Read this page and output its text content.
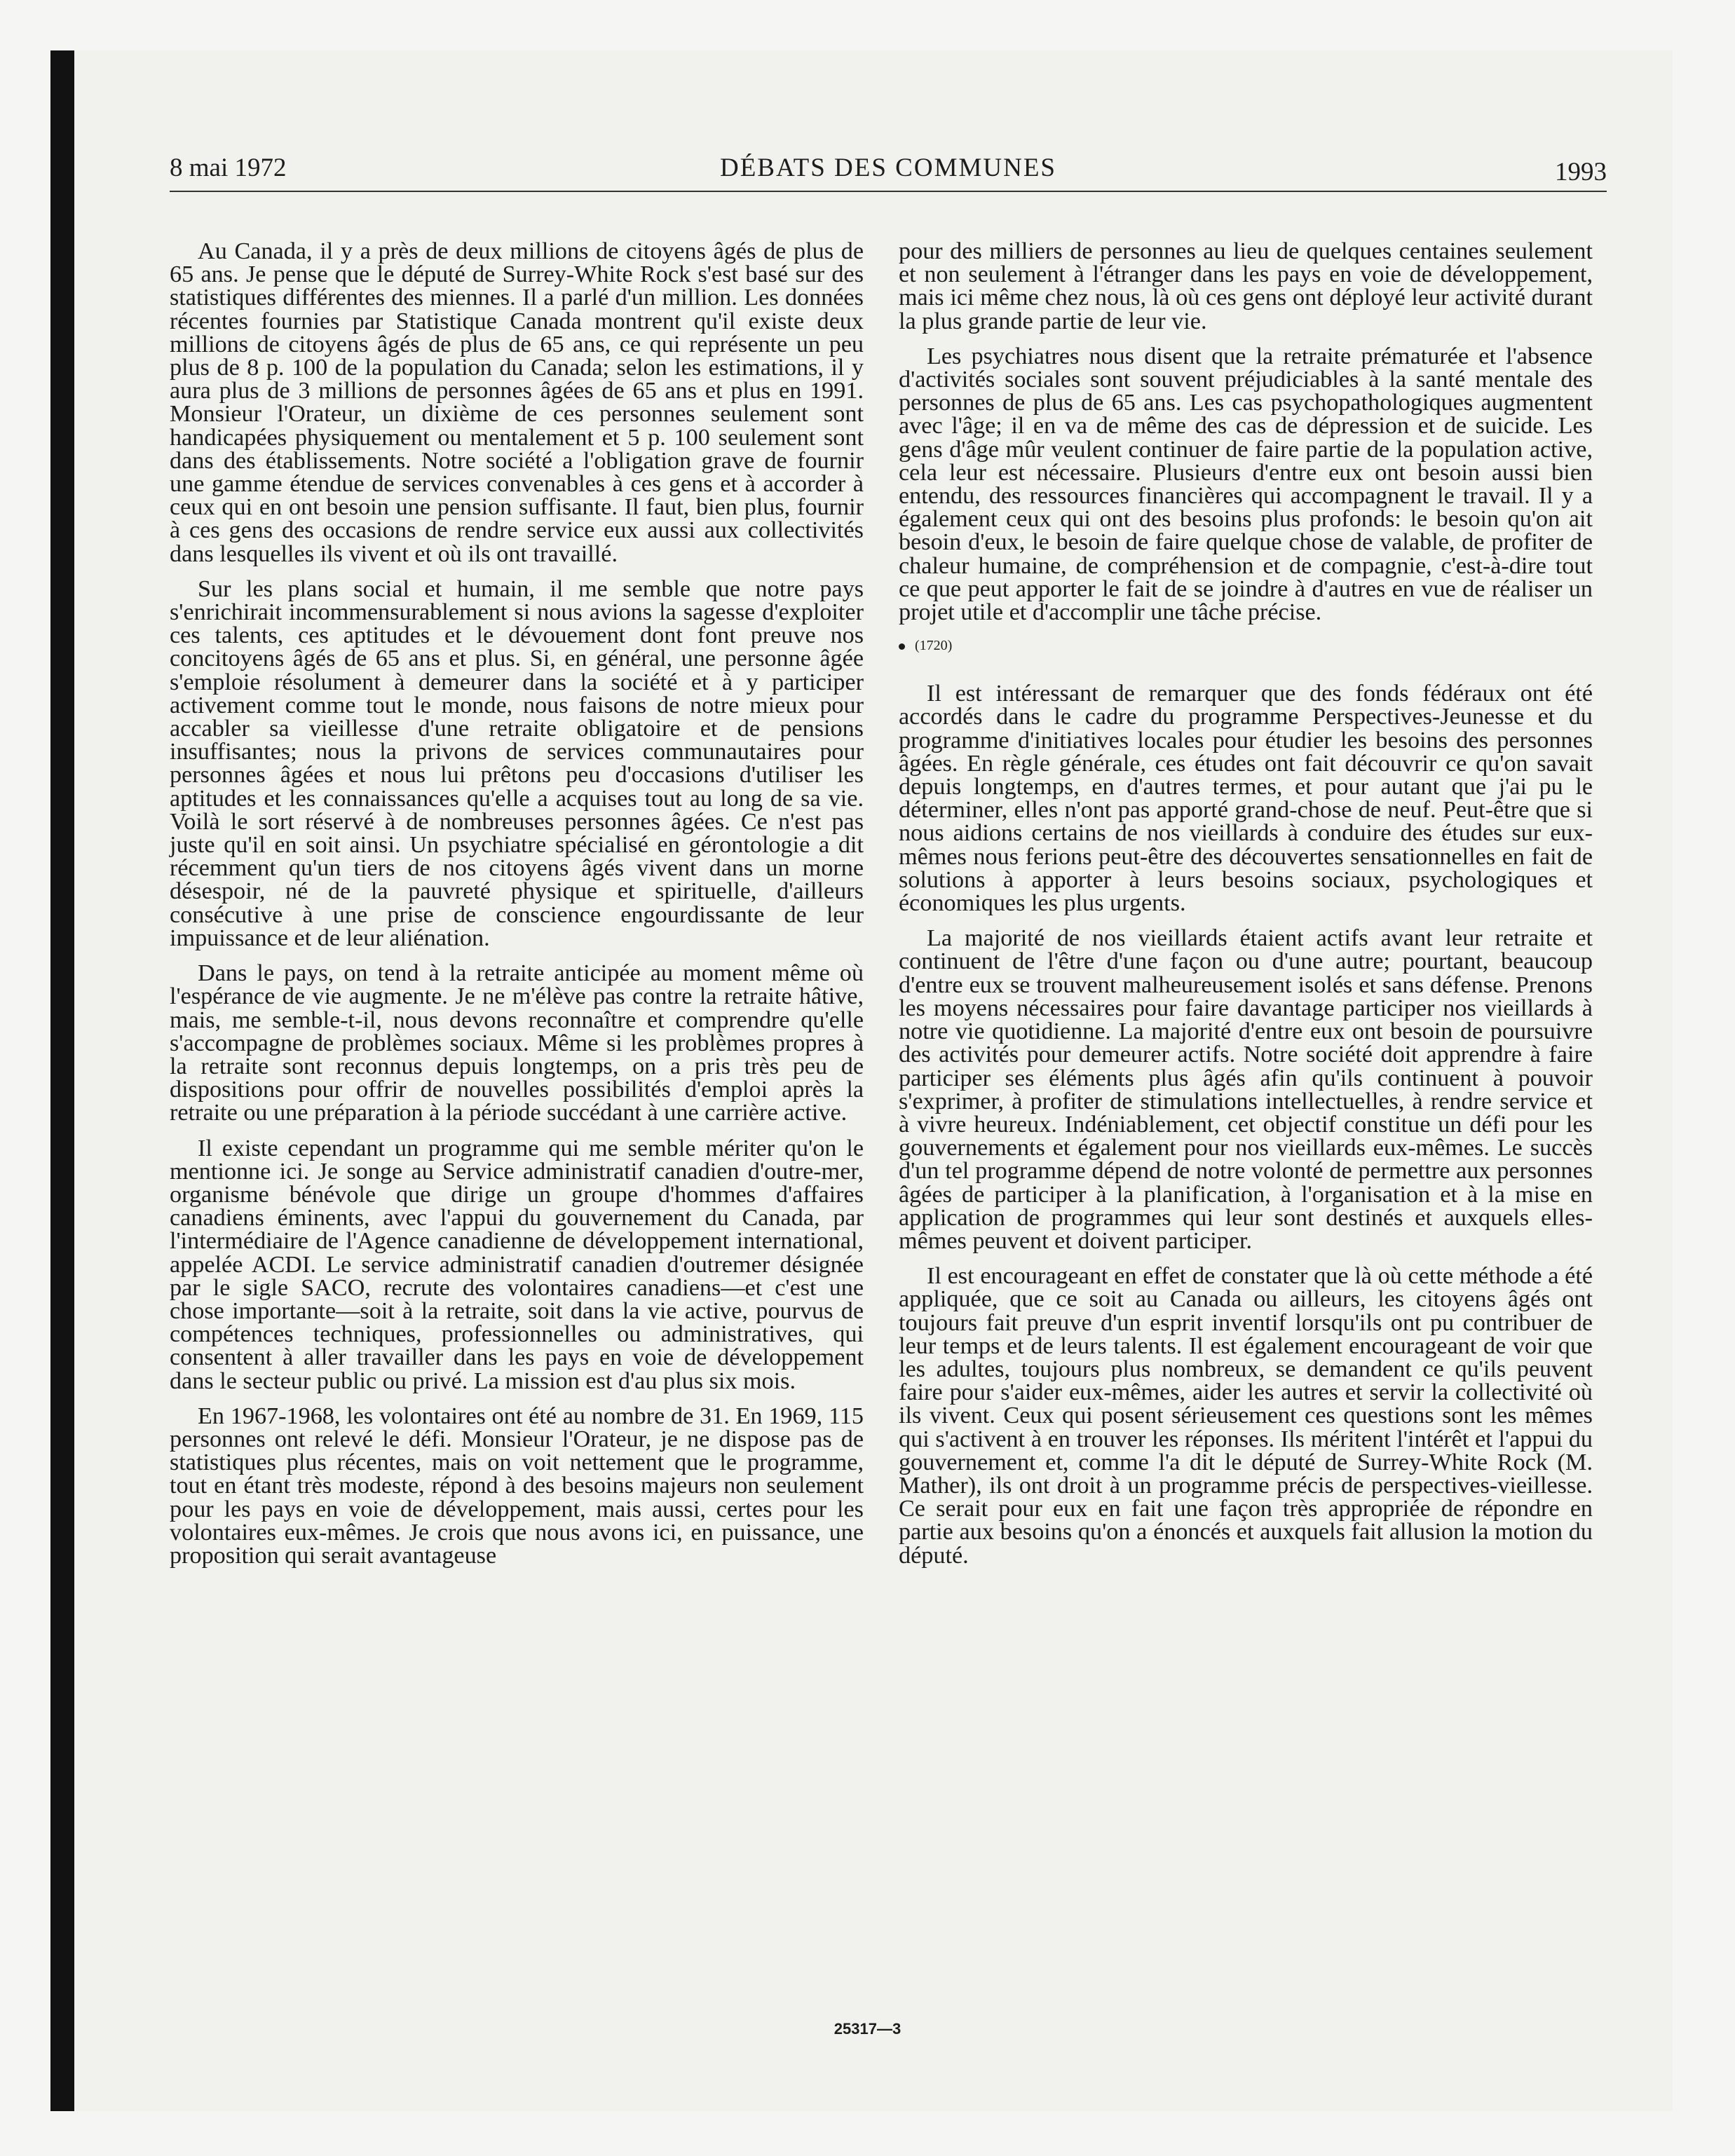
8 mai 1972	DÉBATS DES COMMUNES	1993

Au Canada, il y a près de deux millions de citoyens âgés de plus de 65 ans. Je pense que le député de Surrey-White Rock s'est basé sur des statistiques différentes des miennes. Il a parlé d'un million. Les données récentes fournies par Statistique Canada montrent qu'il existe deux millions de citoyens âgés de plus de 65 ans, ce qui représente un peu plus de 8 p. 100 de la population du Canada; selon les estimations, il y aura plus de 3 millions de personnes âgées de 65 ans et plus en 1991. Monsieur l'Orateur, un dixième de ces personnes seulement sont handicapées physiquement ou mentalement et 5 p. 100 seulement sont dans des établissements. Notre société a l'obligation grave de fournir une gamme étendue de services convenables à ces gens et à accorder à ceux qui en ont besoin une pension suffisante. Il faut, bien plus, fournir à ces gens des occasions de rendre service eux aussi aux collectivités dans lesquelles ils vivent et où ils ont travaillé.

Sur les plans social et humain, il me semble que notre pays s'enrichirait incommensurablement si nous avions la sagesse d'exploiter ces talents, ces aptitudes et le dévouement dont font preuve nos concitoyens âgés de 65 ans et plus. Si, en général, une personne âgée s'emploie résolument à demeurer dans la société et à y participer activement comme tout le monde, nous faisons de notre mieux pour accabler sa vieillesse d'une retraite obligatoire et de pensions insuffisantes; nous la privons de services communautaires pour personnes âgées et nous lui prêtons peu d'occasions d'utiliser les aptitudes et les connaissances qu'elle a acquises tout au long de sa vie. Voilà le sort réservé à de nombreuses personnes âgées. Ce n'est pas juste qu'il en soit ainsi. Un psychiatre spécialisé en gérontologie a dit récemment qu'un tiers de nos citoyens âgés vivent dans un morne désespoir, né de la pauvreté physique et spirituelle, d'ailleurs consécutive à une prise de conscience engourdissante de leur impuissance et de leur aliénation.

Dans le pays, on tend à la retraite anticipée au moment même où l'espérance de vie augmente. Je ne m'élève pas contre la retraite hâtive, mais, me semble-t-il, nous devons reconnaître et comprendre qu'elle s'accompagne de problèmes sociaux. Même si les problèmes propres à la retraite sont reconnus depuis longtemps, on a pris très peu de dispositions pour offrir de nouvelles possibilités d'emploi après la retraite ou une préparation à la période succédant à une carrière active.

Il existe cependant un programme qui me semble mériter qu'on le mentionne ici. Je songe au Service administratif canadien d'outre-mer, organisme bénévole que dirige un groupe d'hommes d'affaires canadiens éminents, avec l'appui du gouvernement du Canada, par l'intermédiaire de l'Agence canadienne de développement international, appelée ACDI. Le service administratif canadien d'outremer désignée par le sigle SACO, recrute des volontaires canadiens—et c'est une chose importante—soit à la retraite, soit dans la vie active, pourvus de compétences techniques, professionnelles ou administratives, qui consentent à aller travailler dans les pays en voie de développement dans le secteur public ou privé. La mission est d'au plus six mois.

En 1967-1968, les volontaires ont été au nombre de 31. En 1969, 115 personnes ont relevé le défi. Monsieur l'Orateur, je ne dispose pas de statistiques plus récentes, mais on voit nettement que le programme, tout en étant très modeste, répond à des besoins majeurs non seulement pour les pays en voie de développement, mais aussi, certes pour les volontaires eux-mêmes. Je crois que nous avons ici, en puissance, une proposition qui serait avantageuse

pour des milliers de personnes au lieu de quelques centaines seulement et non seulement à l'étranger dans les pays en voie de développement, mais ici même chez nous, là où ces gens ont déployé leur activité durant la plus grande partie de leur vie.

Les psychiatres nous disent que la retraite prématurée et l'absence d'activités sociales sont souvent préjudiciables à la santé mentale des personnes de plus de 65 ans. Les cas psychopathologiques augmentent avec l'âge; il en va de même des cas de dépression et de suicide. Les gens d'âge mûr veulent continuer de faire partie de la population active, cela leur est nécessaire. Plusieurs d'entre eux ont besoin aussi bien entendu, des ressources financières qui accompagnent le travail. Il y a également ceux qui ont des besoins plus profonds: le besoin qu'on ait besoin d'eux, le besoin de faire quelque chose de valable, de profiter de chaleur humaine, de compréhension et de compagnie, c'est-à-dire tout ce que peut apporter le fait de se joindre à d'autres en vue de réaliser un projet utile et d'accomplir une tâche précise.

(1720)

Il est intéressant de remarquer que des fonds fédéraux ont été accordés dans le cadre du programme Perspectives-Jeunesse et du programme d'initiatives locales pour étudier les besoins des personnes âgées. En règle générale, ces études ont fait découvrir ce qu'on savait depuis longtemps, en d'autres termes, et pour autant que j'ai pu le déterminer, elles n'ont pas apporté grand-chose de neuf. Peut-être que si nous aidions certains de nos vieillards à conduire des études sur eux-mêmes nous ferions peut-être des découvertes sensationnelles en fait de solutions à apporter à leurs besoins sociaux, psychologiques et économiques les plus urgents.

La majorité de nos vieillards étaient actifs avant leur retraite et continuent de l'être d'une façon ou d'une autre; pourtant, beaucoup d'entre eux se trouvent malheureusement isolés et sans défense. Prenons les moyens nécessaires pour faire davantage participer nos vieillards à notre vie quotidienne. La majorité d'entre eux ont besoin de poursuivre des activités pour demeurer actifs. Notre société doit apprendre à faire participer ses éléments plus âgés afin qu'ils continuent à pouvoir s'exprimer, à profiter de stimulations intellectuelles, à rendre service et à vivre heureux. Indéniablement, cet objectif constitue un défi pour les gouvernements et également pour nos vieillards eux-mêmes. Le succès d'un tel programme dépend de notre volonté de permettre aux personnes âgées de participer à la planification, à l'organisation et à la mise en application de programmes qui leur sont destinés et auxquels elles-mêmes peuvent et doivent participer.

Il est encourageant en effet de constater que là où cette méthode a été appliquée, que ce soit au Canada ou ailleurs, les citoyens âgés ont toujours fait preuve d'un esprit inventif lorsqu'ils ont pu contribuer de leur temps et de leurs talents. Il est également encourageant de voir que les adultes, toujours plus nombreux, se demandent ce qu'ils peuvent faire pour s'aider eux-mêmes, aider les autres et servir la collectivité où ils vivent. Ceux qui posent sérieusement ces questions sont les mêmes qui s'activent à en trouver les réponses. Ils méritent l'intérêt et l'appui du gouvernement et, comme l'a dit le député de Surrey-White Rock (M. Mather), ils ont droit à un programme précis de perspectives-vieillesse. Ce serait pour eux en fait une façon très appropriée de répondre en partie aux besoins qu'on a énoncés et auxquels fait allusion la motion du député.

25317—3
